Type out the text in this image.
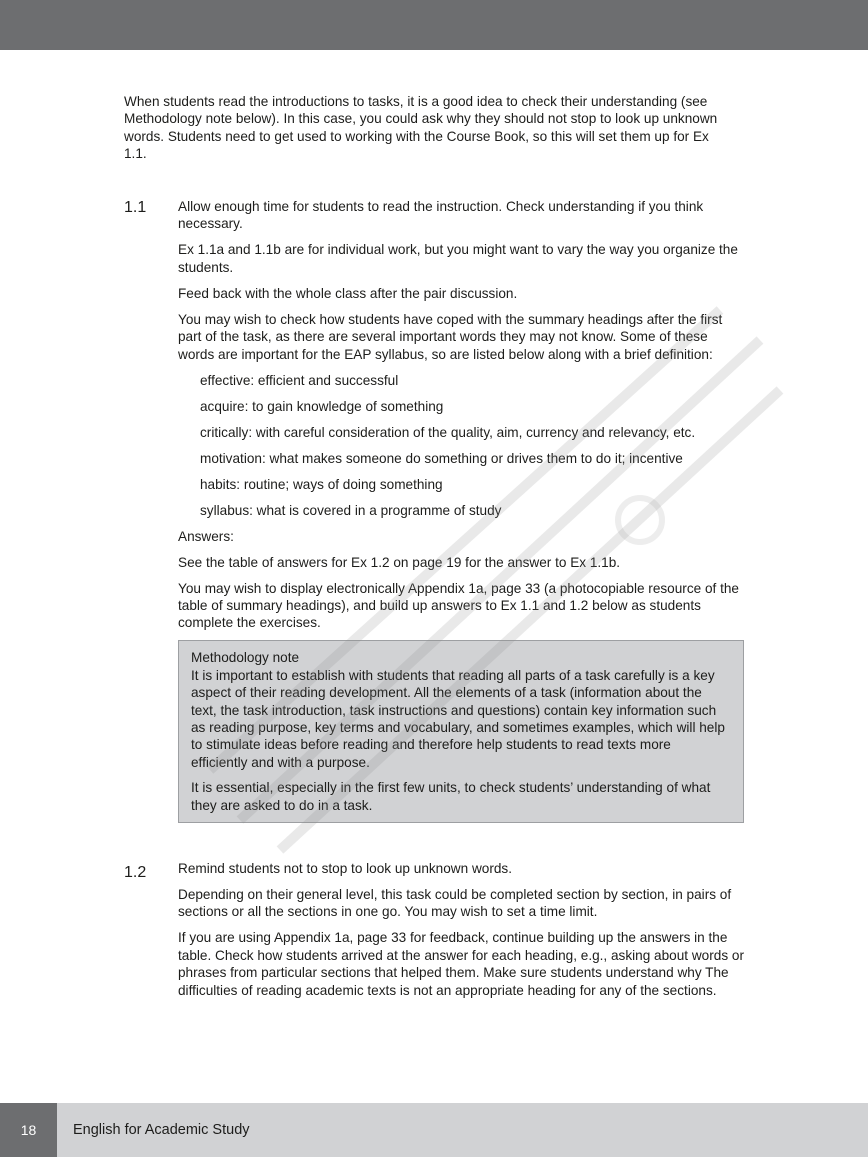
When students read the introductions to tasks, it is a good idea to check their understanding (see Methodology note below). In this case, you could ask why they should not stop to look up unknown words. Students need to get used to working with the Course Book, so this will set them up for Ex 1.1.

1.1 Allow enough time for students to read the instruction. Check understanding if you think necessary.

Ex 1.1a and 1.1b are for individual work, but you might want to vary the way you organize the students.

Feed back with the whole class after the pair discussion.

You may wish to check how students have coped with the summary headings after the first part of the task, as there are several important words they may not know. Some of these words are important for the EAP syllabus, so are listed below along with a brief definition:

effective: efficient and successful

acquire: to gain knowledge of something

critically: with careful consideration of the quality, aim, currency and relevancy, etc.

motivation: what makes someone do something or drives them to do it; incentive

habits: routine; ways of doing something

syllabus: what is covered in a programme of study

Answers:

See the table of answers for Ex 1.2 on page 19 for the answer to Ex 1.1b.

You may wish to display electronically Appendix 1a, page 33 (a photocopiable resource of the table of summary headings), and build up answers to Ex 1.1 and 1.2 below as students complete the exercises.

Methodology note

It is important to establish with students that reading all parts of a task carefully is a key aspect of their reading development. All the elements of a task (information about the text, the task introduction, task instructions and questions) contain key information such as reading purpose, key terms and vocabulary, and sometimes examples, which will help to stimulate ideas before reading and therefore help students to read texts more efficiently and with a purpose.

It is essential, especially in the first few units, to check students’ understanding of what they are asked to do in a task.

1.2 Remind students not to stop to look up unknown words.

Depending on their general level, this task could be completed section by section, in pairs of sections or all the sections in one go. You may wish to set a time limit.

If you are using Appendix 1a, page 33 for feedback, continue building up the answers in the table. Check how students arrived at the answer for each heading, e.g., asking about words or phrases from particular sections that helped them. Make sure students understand why The difficulties of reading academic texts is not an appropriate heading for any of the sections.

18	English for Academic Study
